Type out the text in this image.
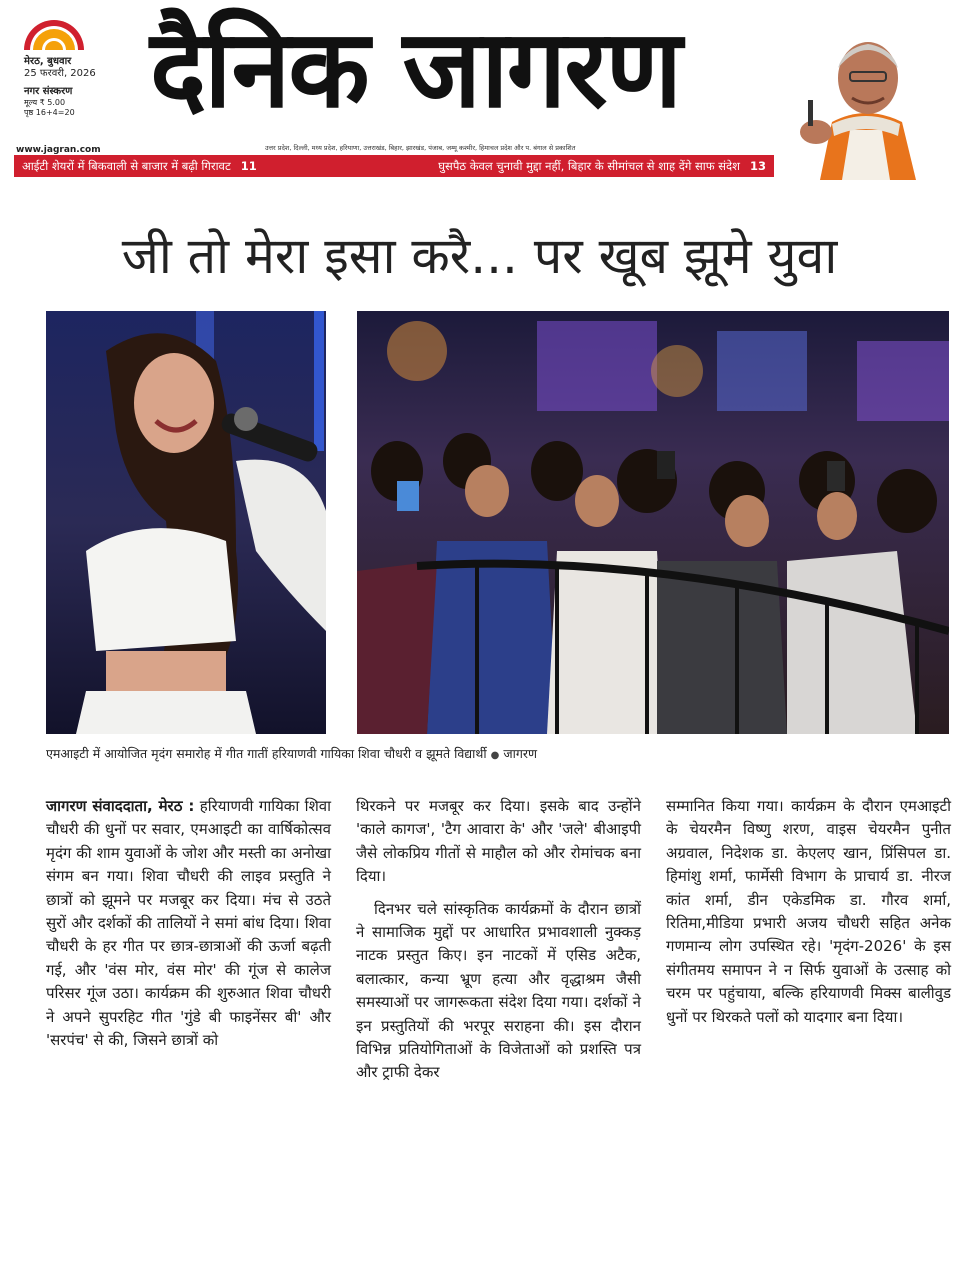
मेरठ, बुधवार
25 फरवरी, 2026
नगर संस्करण
मूल्य ₹ 5.00
पृष्ठ 16+4=20 दैनिक जागरण
उत्तर प्रदेश, दिल्ली, मध्य प्रदेश, हरियाणा, उत्तराखंड, बिहार, झारखंड, पंजाब, जम्मू कश्मीर, हिमाचल प्रदेश और प. बंगाल से प्रकाशित
www.jagran.com
आईटी शेयरों में बिकवाली से बाजार में बढ़ी गिरावट 11	घुसपैठ केवल चुनावी मुद्दा नहीं, बिहार के सीमांचल से शाह देंगे साफ संदेश 13
जी तो मेरा इसा करै... पर खूब झूमे युवा
एमआइटी में आयोजित मृदंग समारोह में गीत गातीं हरियाणवी गायिका शिवा चौधरी व झूमते विद्यार्थी ● जागरण

जागरण संवाददाता, मेरठ : हरियाणवी गायिका शिवा चौधरी की धुनों पर सवार, एमआइटी का वार्षिकोत्सव मृदंग की शाम युवाओं के जोश और मस्ती का अनोखा संगम बन गया। शिवा चौधरी की लाइव प्रस्तुति ने छात्रों को झूमने पर मजबूर कर दिया। मंच से उठते सुरों और दर्शकों की तालियों ने समां बांध दिया। शिवा चौधरी के हर गीत पर छात्र-छात्राओं की ऊर्जा बढ़ती गई, और 'वंस मोर, वंस मोर' की गूंज से कालेज परिसर गूंज उठा। कार्यक्रम की शुरुआत शिवा चौधरी ने अपने सुपरहिट गीत 'गुंडे बी फाइनेंसर बी' और 'सरपंच' से की, जिसने छात्रों को

थिरकने पर मजबूर कर दिया। इसके बाद उन्होंने 'काले कागज', 'टैग आवारा के' और 'जले' बीआइपी जैसे लोकप्रिय गीतों से माहौल को और रोमांचक बना दिया।

दिनभर चले सांस्कृतिक कार्यक्रमों के दौरान छात्रों ने सामाजिक मुद्दों पर आधारित प्रभावशाली नुक्कड़ नाटक प्रस्तुत किए। इन नाटकों में एसिड अटैक, बलात्कार, कन्या भ्रूण हत्या और वृद्धाश्रम जैसी समस्याओं पर जागरूकता संदेश दिया गया। दर्शकों ने इन प्रस्तुतियों की भरपूर सराहना की। इस दौरान विभिन्न प्रतियोगिताओं के विजेताओं को प्रशस्ति पत्र और ट्राफी देकर

सम्मानित किया गया। कार्यक्रम के दौरान एमआइटी के चेयरमैन विष्णु शरण, वाइस चेयरमैन पुनीत अग्रवाल, निदेशक डा. केएलए खान, प्रिंसिपल डा. हिमांशु शर्मा, फार्मेसी विभाग के प्राचार्य डा. नीरज कांत शर्मा, डीन एकेडमिक डा. गौरव शर्मा, रितिमा,मीडिया प्रभारी अजय चौधरी सहित अनेक गणमान्य लोग उपस्थित रहे। 'मृदंग-2026' के इस संगीतमय समापन ने न सिर्फ युवाओं के उत्साह को चरम पर पहुंचाया, बल्कि हरियाणवी मिक्स बालीवुड धुनों पर थिरकते पलों को यादगार बना दिया।
